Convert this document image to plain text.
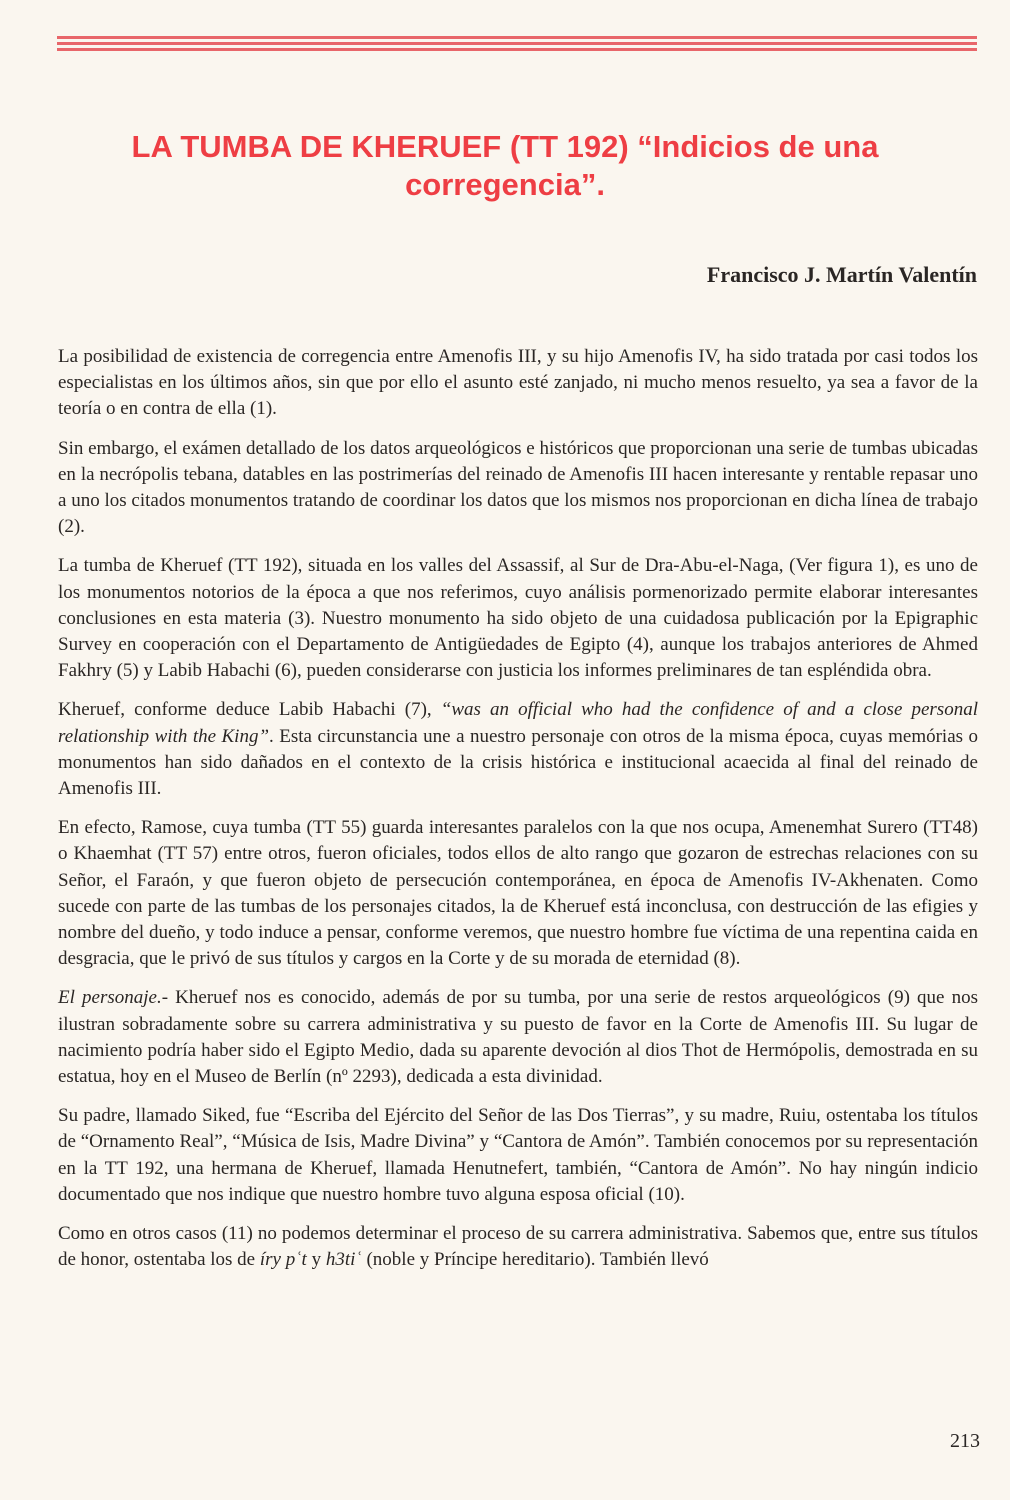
LA TUMBA DE KHERUEF (TT 192) “Indicios de una corregencia”.
Francisco J. Martín Valentín

La posibilidad de existencia de corregencia entre Amenofis III, y su hijo Amenofis IV, ha sido tratada por casi todos los especialistas en los últimos años, sin que por ello el asunto esté zanjado, ni mucho menos resuelto, ya sea a favor de la teoría o en contra de ella (1).

Sin embargo, el exámen detallado de los datos arqueológicos e históricos que proporcionan una serie de tumbas ubicadas en la necrópolis tebana, datables en las postrimerías del reinado de Amenofis III hacen interesante y rentable repasar uno a uno los citados monumentos tratando de coordinar los datos que los mismos nos proporcionan en dicha línea de trabajo (2).

La tumba de Kheruef (TT 192), situada en los valles del Assassif, al Sur de Dra-Abu-el-Naga, (Ver figura 1), es uno de los monumentos notorios de la época a que nos referimos, cuyo análisis pormenorizado permite elaborar interesantes conclusiones en esta materia (3). Nuestro monumento ha sido objeto de una cuidadosa publicación por la Epigraphic Survey en cooperación con el Departamento de Antigüedades de Egipto (4), aunque los trabajos anteriores de Ahmed Fakhry (5) y Labib Habachi (6), pueden considerarse con justicia los informes preliminares de tan espléndida obra.

Kheruef, conforme deduce Labib Habachi (7), “was an official who had the confidence of and a close personal relationship with the King”. Esta circunstancia une a nuestro personaje con otros de la misma época, cuyas memórias o monumentos han sido dañados en el contexto de la crisis histórica e institucional acaecida al final del reinado de Amenofis III.

En efecto, Ramose, cuya tumba (TT 55) guarda interesantes paralelos con la que nos ocupa, Amenemhat Surero (TT48) o Khaemhat (TT 57) entre otros, fueron oficiales, todos ellos de alto rango que gozaron de estrechas relaciones con su Señor, el Faraón, y que fueron objeto de persecución contemporánea, en época de Amenofis IV-Akhenaten. Como sucede con parte de las tumbas de los personajes citados, la de Kheruef está inconclusa, con destrucción de las efigies y nombre del dueño, y todo induce a pensar, conforme veremos, que nuestro hombre fue víctima de una repentina caida en desgracia, que le privó de sus títulos y cargos en la Corte y de su morada de eternidad (8).

El personaje.- Kheruef nos es conocido, además de por su tumba, por una serie de restos arqueológicos (9) que nos ilustran sobradamente sobre su carrera administrativa y su puesto de favor en la Corte de Amenofis III. Su lugar de nacimiento podría haber sido el Egipto Medio, dada su aparente devoción al dios Thot de Hermópolis, demostrada en su estatua, hoy en el Museo de Berlín (nº 2293), dedicada a esta divinidad.

Su padre, llamado Siked, fue “Escriba del Ejército del Señor de las Dos Tierras”, y su madre, Ruiu, ostentaba los títulos de “Ornamento Real”, “Música de Isis, Madre Divina” y “Cantora de Amón”. También conocemos por su representación en la TT 192, una hermana de Kheruef, llamada Henutnefert, también, “Cantora de Amón”. No hay ningún indicio documentado que nos indique que nuestro hombre tuvo alguna esposa oficial (10).

Como en otros casos (11) no podemos determinar el proceso de su carrera administrativa. Sabemos que, entre sus títulos de honor, ostentaba los de íry pʿt y h3tiʿ (noble y Príncipe hereditario). También llevó

213
